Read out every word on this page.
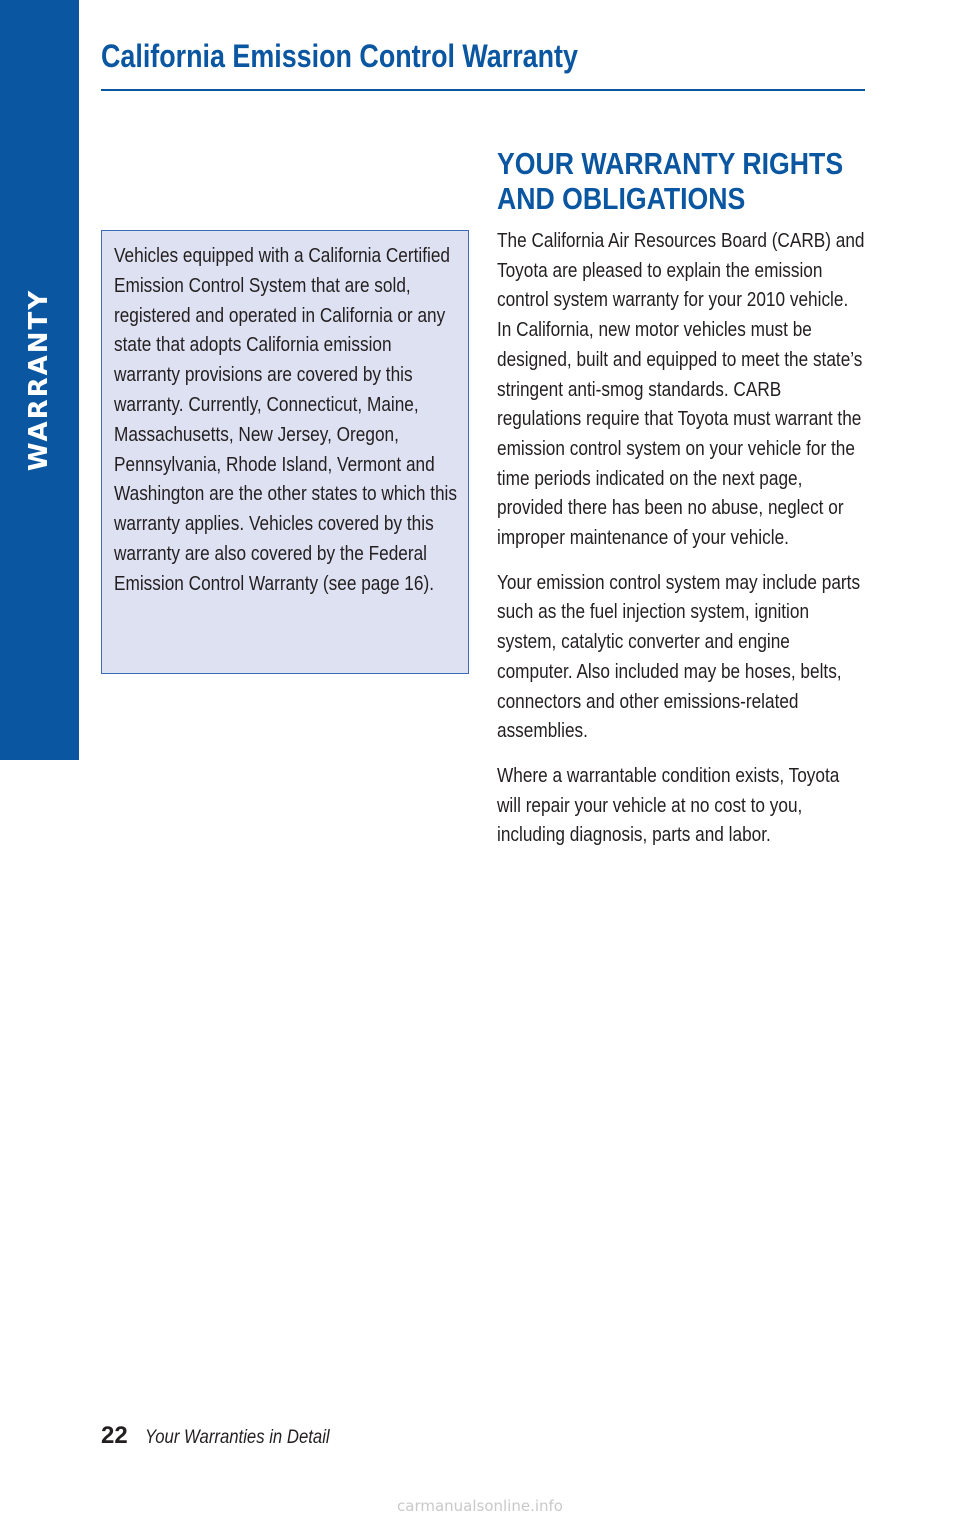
WARRANTY
California Emission Control Warranty

Vehicles equipped with a California Certified Emission Control System that are sold, registered and operated in California or any state that adopts California emission warranty provisions are covered by this warranty. Currently, Connecticut, Maine, Massachusetts, New Jersey, Oregon, Pennsylvania, Rhode Island, Vermont and Washington are the other states to which this warranty applies. Vehicles covered by this warranty are also covered by the Federal Emission Control Warranty (see page 16).

YOUR WARRANTY RIGHTS
AND OBLIGATIONS

The California Air Resources Board (CARB) and Toyota are pleased to explain the emission control system warranty for your 2010 vehicle. In California, new motor vehicles must be designed, built and equipped to meet the state’s stringent anti-smog standards. CARB regulations require that Toyota must warrant the emission control system on your vehicle for the time periods indicated on the next page, provided there has been no abuse, neglect or improper maintenance of your vehicle.

Your emission control system may include parts such as the fuel injection system, ignition system, catalytic converter and engine computer. Also included may be hoses, belts, connectors and other emissions-related assemblies.

Where a warrantable condition exists, Toyota will repair your vehicle at no cost to you, including diagnosis, parts and labor.

22 Your Warranties in Detail
carmanualsonline.info
